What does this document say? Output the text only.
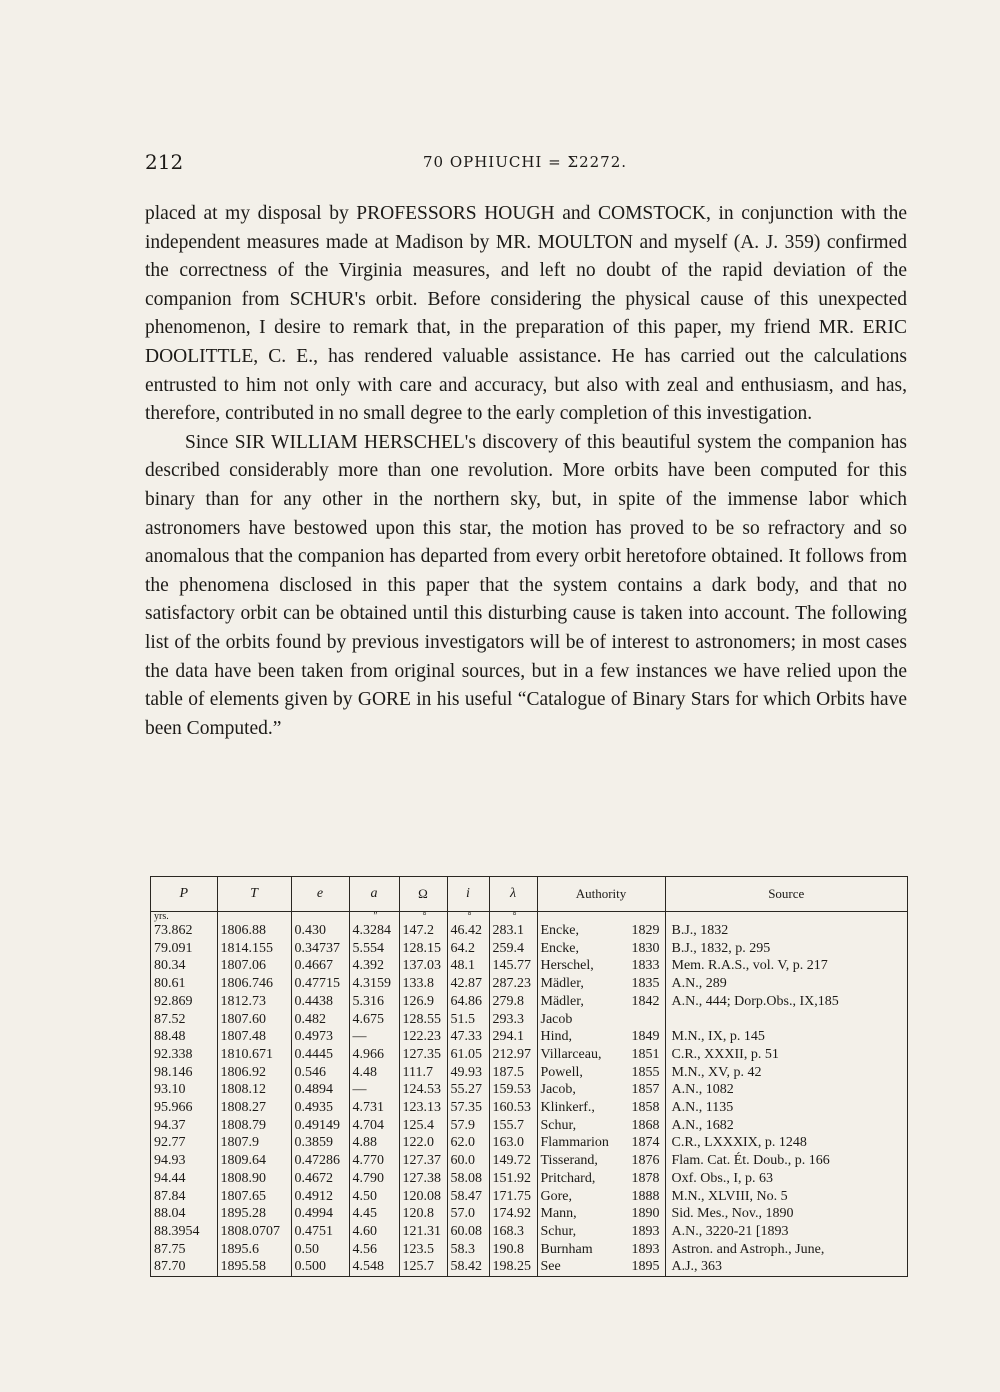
212	70 OPHIUCHI = Σ2272.

placed at my disposal by PROFESSORS HOUGH and COMSTOCK, in conjunction with the independent measures made at Madison by MR. MOULTON and myself (A. J. 359) confirmed the correctness of the Virginia measures, and left no doubt of the rapid deviation of the companion from SCHUR's orbit. Before considering the physical cause of this unexpected phenomenon, I desire to remark that, in the preparation of this paper, my friend MR. ERIC DOOLITTLE, C. E., has rendered valuable assistance. He has carried out the calculations entrusted to him not only with care and accuracy, but also with zeal and enthusiasm, and has, therefore, contributed in no small degree to the early completion of this investigation.

Since SIR WILLIAM HERSCHEL's discovery of this beautiful system the companion has described considerably more than one revolution. More orbits have been computed for this binary than for any other in the northern sky, but, in spite of the immense labor which astronomers have bestowed upon this star, the motion has proved to be so refractory and so anomalous that the companion has departed from every orbit heretofore obtained. It follows from the phenomena disclosed in this paper that the system contains a dark body, and that no satisfactory orbit can be obtained until this disturbing cause is taken into account. The following list of the orbits found by previous investigators will be of interest to astronomers; in most cases the data have been taken from original sources, but in a few instances we have relied upon the table of elements given by GORE in his useful “Catalogue of Binary Stars for which Orbits have been Computed.”

P	T	e	a	Ω	i	λ	Authority	Source
yrs.			″	°	°	°		
73.862	1806.88	0.430	4.3284	147.2	46.42	283.1	Encke, 1829	B.J., 1832
79.091	1814.155	0.34737	5.554	128.15	64.2	259.4	Encke, 1830	B.J., 1832, p. 295
80.34	1807.06	0.4667	4.392	137.03	48.1	145.77	Herschel, 1833	Mem. R.A.S., vol. V, p. 217
80.61	1806.746	0.47715	4.3159	133.8	42.87	287.23	Mädler, 1835	A.N., 289
92.869	1812.73	0.4438	5.316	126.9	64.86	279.8	Mädler, 1842	A.N., 444; Dorp.Obs., IX,185
87.52	1807.60	0.482	4.675	128.55	51.5	293.3	Jacob	

88.48	1807.48	0.4973	—	122.23	47.33	294.1	Hind, 1849	M.N., IX, p. 145
92.338	1810.671	0.4445	4.966	127.35	61.05	212.97	Villarceau, 1851	C.R., XXXII, p. 51
98.146	1806.92	0.546	4.48	111.7	49.93	187.5	Powell, 1855	M.N., XV, p. 42
93.10	1808.12	0.4894	—	124.53	55.27	159.53	Jacob, 1857	A.N., 1082
95.966	1808.27	0.4935	4.731	123.13	57.35	160.53	Klinkerf., 1858	A.N., 1135
94.37	1808.79	0.49149	4.704	125.4	57.9	155.7	Schur, 1868	A.N., 1682
92.77	1807.9	0.3859	4.88	122.0	62.0	163.0	Flammarion 1874	C.R., LXXXIX, p. 1248
94.93	1809.64	0.47286	4.770	127.37	60.0	149.72	Tisserand, 1876	Flam. Cat. Ét. Doub., p. 166
94.44	1808.90	0.4672	4.790	127.38	58.08	151.92	Pritchard, 1878	Oxf. Obs., I, p. 63
87.84	1807.65	0.4912	4.50	120.08	58.47	171.75	Gore, 1888	M.N., XLVIII, No. 5
88.04	1895.28	0.4994	4.45	120.8	57.0	174.92	Mann, 1890	Sid. Mes., Nov., 1890
88.3954	1808.0707	0.4751	4.60	121.31	60.08	168.3	Schur, 1893	A.N., 3220-21 [1893
87.75	1895.6	0.50	4.56	123.5	58.3	190.8	Burnham 1893	Astron. and Astroph., June,
87.70	1895.58	0.500	4.548	125.7	58.42	198.25	See 1895	A.J., 363
